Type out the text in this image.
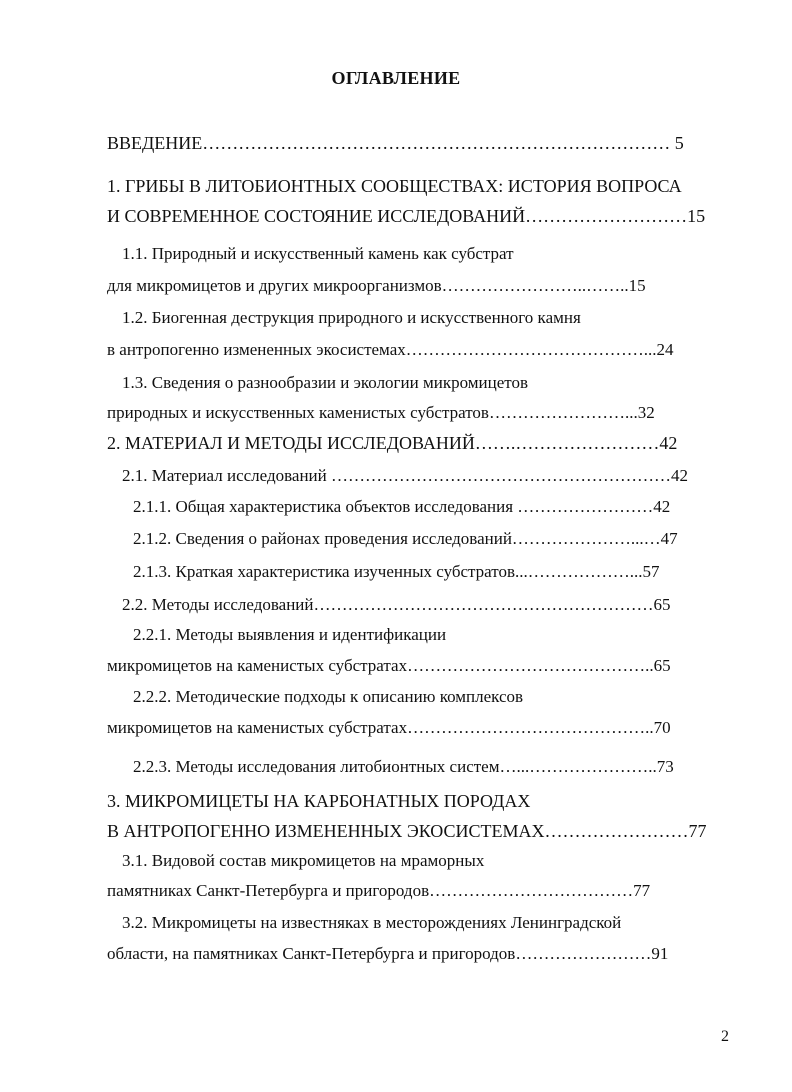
ОГЛАВЛЕНИЕ
ВВЕДЕНИЕ…………………………………………………………………… 5
1. ГРИБЫ В ЛИТОБИОНТНЫХ СООБЩЕСТВАХ: ИСТОРИЯ ВОПРОСА
И СОВРЕМЕННОЕ СОСТОЯНИЕ ИССЛЕДОВАНИЙ………………………15
1.1. Природный и искусственный камень как субстрат
для микромицетов и других микроорганизмов……………………..……..15
1.2. Биогенная деструкция природного и искусственного камня
в антропогенно измененных экосистемах……………………………………...24
1.3. Сведения о разнообразии и экологии микромицетов
природных и искусственных каменистых субстратов……………………...32
2. МАТЕРИАЛ И МЕТОДЫ ИССЛЕДОВАНИЙ…….……………………42
2.1. Материал исследований ……………………………………………………42
2.1.1. Общая характеристика объектов исследования ……………………42
2.1.2. Сведения о районах проведения исследований…………………...…47
2.1.3. Краткая характеристика изученных субстратов...………………...57
2.2. Методы исследований……………………………………………………65
2.2.1. Методы выявления и идентификации
микромицетов на каменистых субстратах……………………………………..65
2.2.2. Методические подходы к описанию комплексов
микромицетов на каменистых субстратах……………………………………..70
2.2.3. Методы исследования литобионтных систем…...…………………..73
3. МИКРОМИЦЕТЫ НА КАРБОНАТНЫХ ПОРОДАХ
В АНТРОПОГЕННО ИЗМЕНЕННЫХ ЭКОСИСТЕМАХ……………………77
3.1. Видовой состав микромицетов на мраморных
памятниках Санкт-Петербурга и пригородов………………………………77
3.2. Микромицеты на известняках в месторождениях Ленинградской
области, на памятниках Санкт-Петербурга и пригородов……………………91
2
